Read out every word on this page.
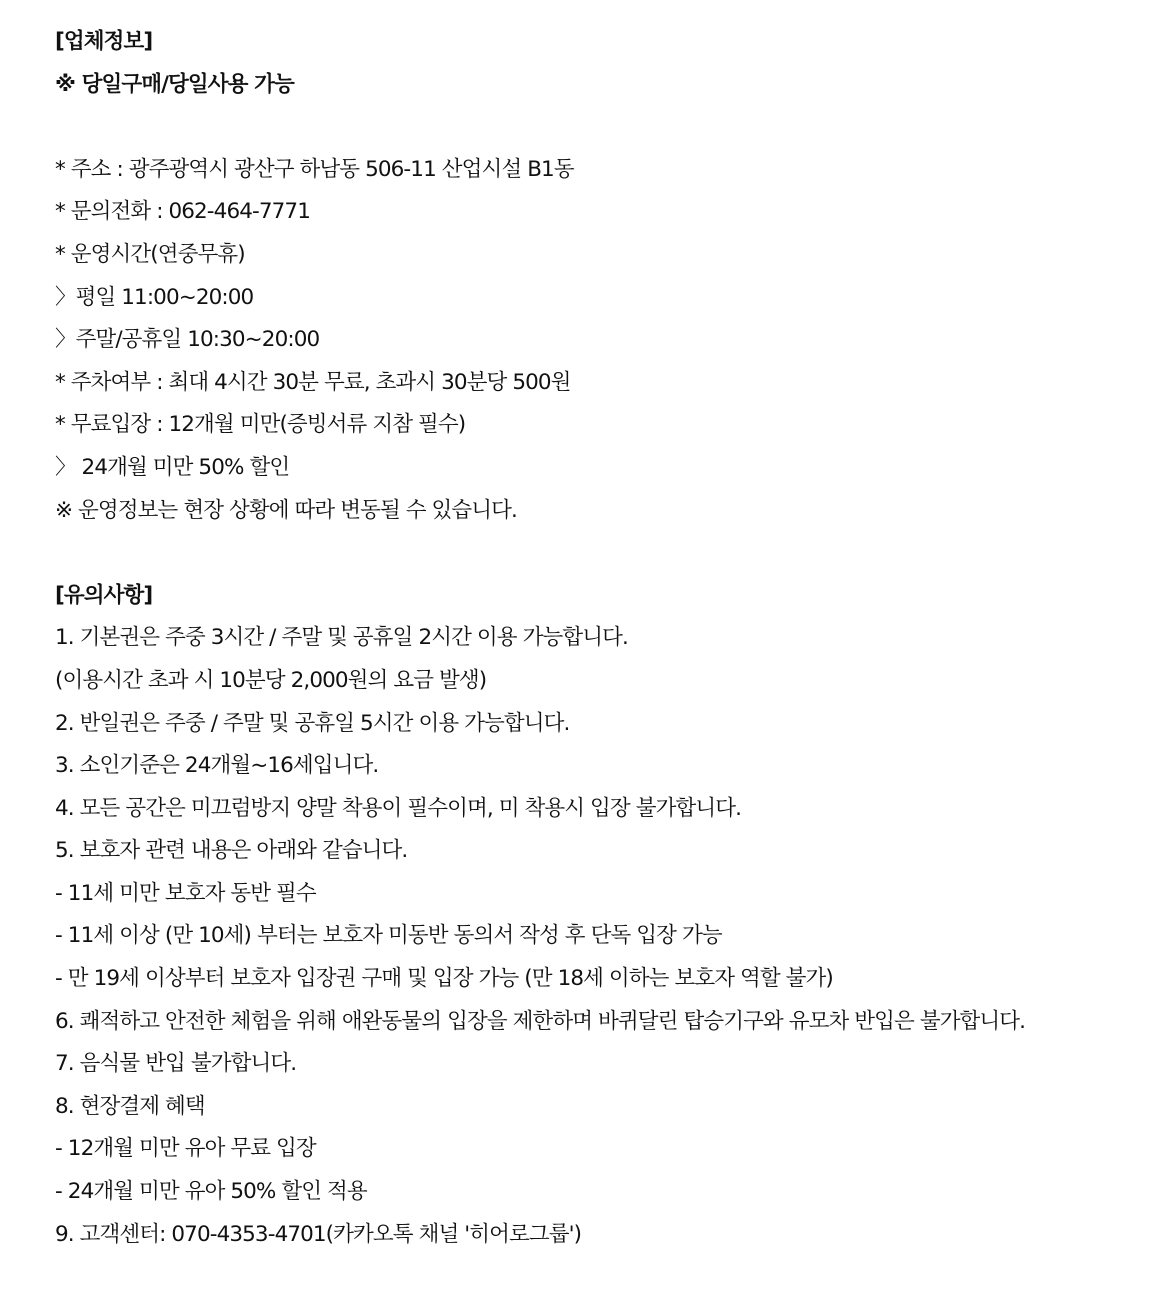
[업체정보]
※ 당일구매/당일사용 가능
* 주소 : 광주광역시 광산구 하남동 506-11 산업시설 B1동
* 문의전화 : 062-464-7771
* 운영시간(연중무휴)
〉평일 11:00~20:00
〉주말/공휴일 10:30~20:00
* 주차여부 : 최대 4시간 30분 무료, 초과시 30분당 500원
* 무료입장 : 12개월 미만(증빙서류 지참 필수)
〉 24개월 미만 50% 할인
※ 운영정보는 현장 상황에 따라 변동될 수 있습니다.
[유의사항]
1. 기본권은 주중 3시간 / 주말 및 공휴일 2시간 이용 가능합니다.
(이용시간 초과 시 10분당 2,000원의 요금 발생)
2. 반일권은 주중 / 주말 및 공휴일 5시간 이용 가능합니다.
3. 소인기준은 24개월~16세입니다.
4. 모든 공간은 미끄럼방지 양말 착용이 필수이며, 미 착용시 입장 불가합니다.
5. 보호자 관련 내용은 아래와 같습니다.
- 11세 미만 보호자 동반 필수
- 11세 이상 (만 10세) 부터는 보호자 미동반 동의서 작성 후 단독 입장 가능
- 만 19세 이상부터 보호자 입장권 구매 및 입장 가능 (만 18세 이하는 보호자 역할 불가)
6. 쾌적하고 안전한 체험을 위해 애완동물의 입장을 제한하며 바퀴달린 탑승기구와 유모차 반입은 불가합니다.
7. 음식물 반입 불가합니다.
8. 현장결제 혜택
- 12개월 미만 유아 무료 입장
- 24개월 미만 유아 50% 할인 적용
9. 고객센터: 070-4353-4701(카카오톡 채널 '히어로그룹')
